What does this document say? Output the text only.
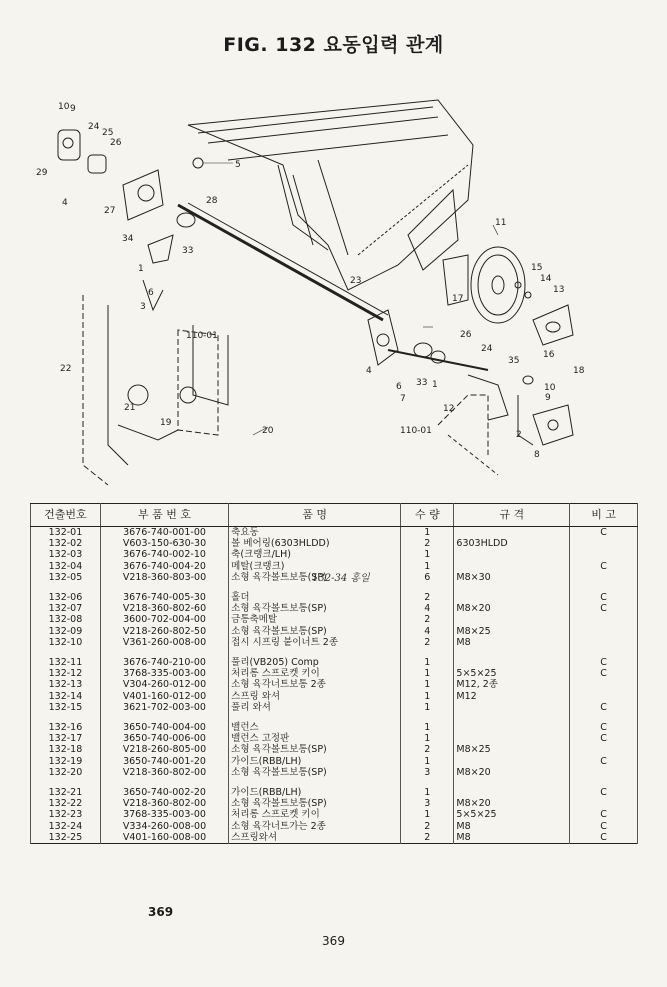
FIG. 132 요동입력 관계
10 9
24
25
26
29
4
27
34
33
28
5
1
6
3
110-01
22
21
19
20
23
11
15
14
13
17
16
18
26
24
35
10
9
4
6
7
33 1
12
2
8
110-01
건출번호	부 품 번 호	품 명	수 량	규 격	비 고
132-01	3676-740-001-00	축요동	1		C
132-02	V603-150-630-30	볼 베어링(6303HLDD)	2	6303HLDD	
132-03	3676-740-002-10	축(크랭크/LH)	1		
132-04	3676-740-004-20	메탈(크랭크)	1		C
132-05	V218-360-803-00	소형 육각볼트보통(SP)	6	M8×30	

132-06	3676-740-005-30	홀더	2		C
132-07	V218-360-802-60	소형 육각볼트보통(SP)	4	M8×20	C
132-08	3600-702-004-00	금통축메탈	2		
132-09	V218-260-802-50	소형 육각볼트보통(SP)	4	M8×25	
132-10	V361-260-008-00	접시 시프링 붙이너트 2종	2	M8	

132-11	3676-740-210-00	풀리(VB205) Comp	1		C
132-12	3768-335-003-00	처리롱 스프로켓 키이	1	5×5×25	C
132-13	V304-260-012-00	소형 육각너트보통 2종	1	M12, 2종	
132-14	V401-160-012-00	스프링 와셔	1	M12	
132-15	3621-702-003-00	풀리 와셔	1		C

132-16	3650-740-004-00	밸런스	1		C
132-17	3650-740-006-00	밸런스 고정판	1		C
132-18	V218-260-805-00	소형 육각볼트보통(SP)	2	M8×25	
132-19	3650-740-001-20	가이드(RBB/LH)	1		C
132-20	V218-360-802-00	소형 육각볼트보통(SP)	3	M8×20	

132-21	3650-740-002-20	가이드(RBB/LH)	1		C
132-22	V218-360-802-00	소형 육각볼트보통(SP)	3	M8×20	
132-23	3768-335-003-00	처리롱 스프로켓 키이	1	5×5×25	C
132-24	V334-260-008-00	소형 육각너트가는 2종	2	M8	C
132-25	V401-160-008-00	스프링와셔	2	M8	C
132-34 홍일
369
369
